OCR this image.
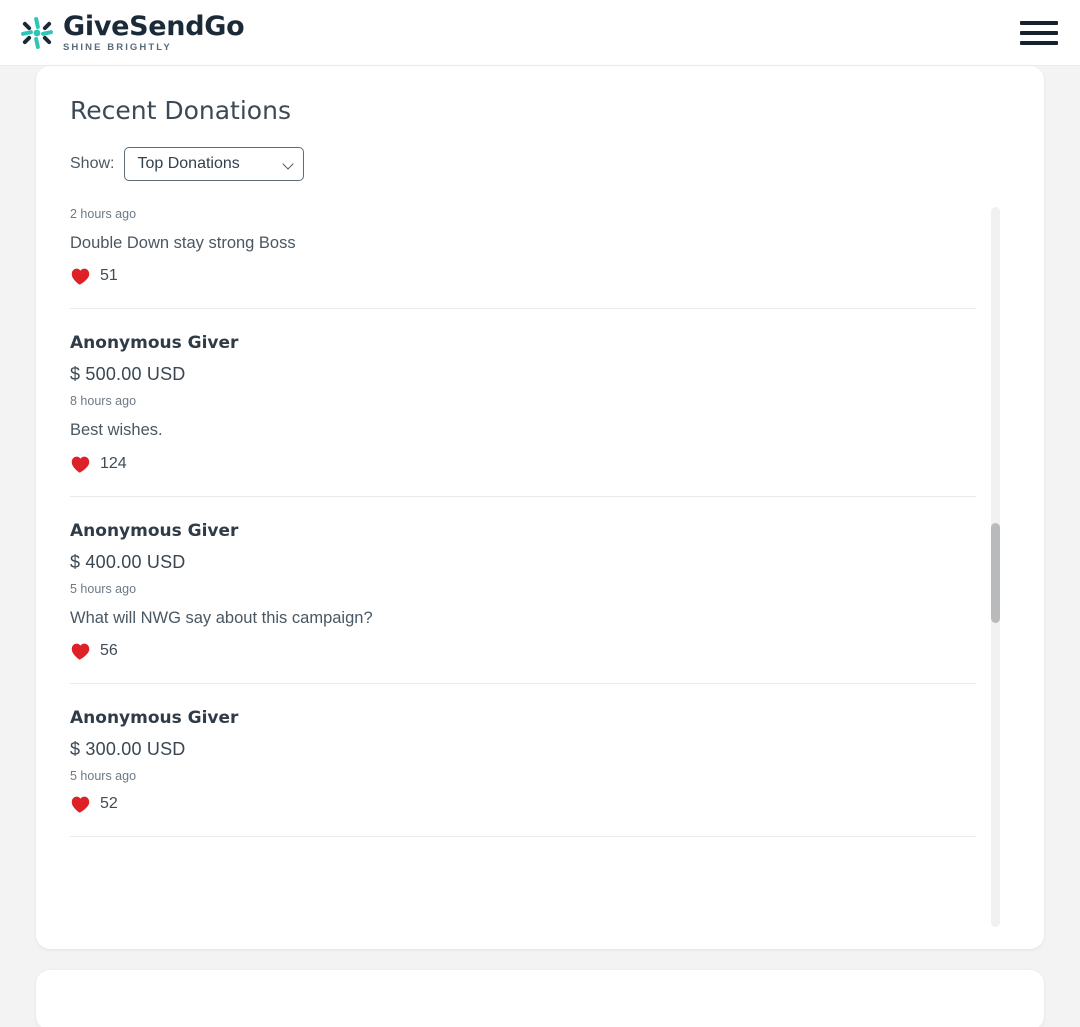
GiveSendGo
SHINE BRIGHTLY
Recent Donations
Show:
Top Donations
2 hours ago
Double Down stay strong Boss
51
Anonymous Giver
$ 500.00 USD
8 hours ago
Best wishes.
124
Anonymous Giver
$ 400.00 USD
5 hours ago
What will NWG say about this campaign?
56
Anonymous Giver
$ 300.00 USD
5 hours ago
52
